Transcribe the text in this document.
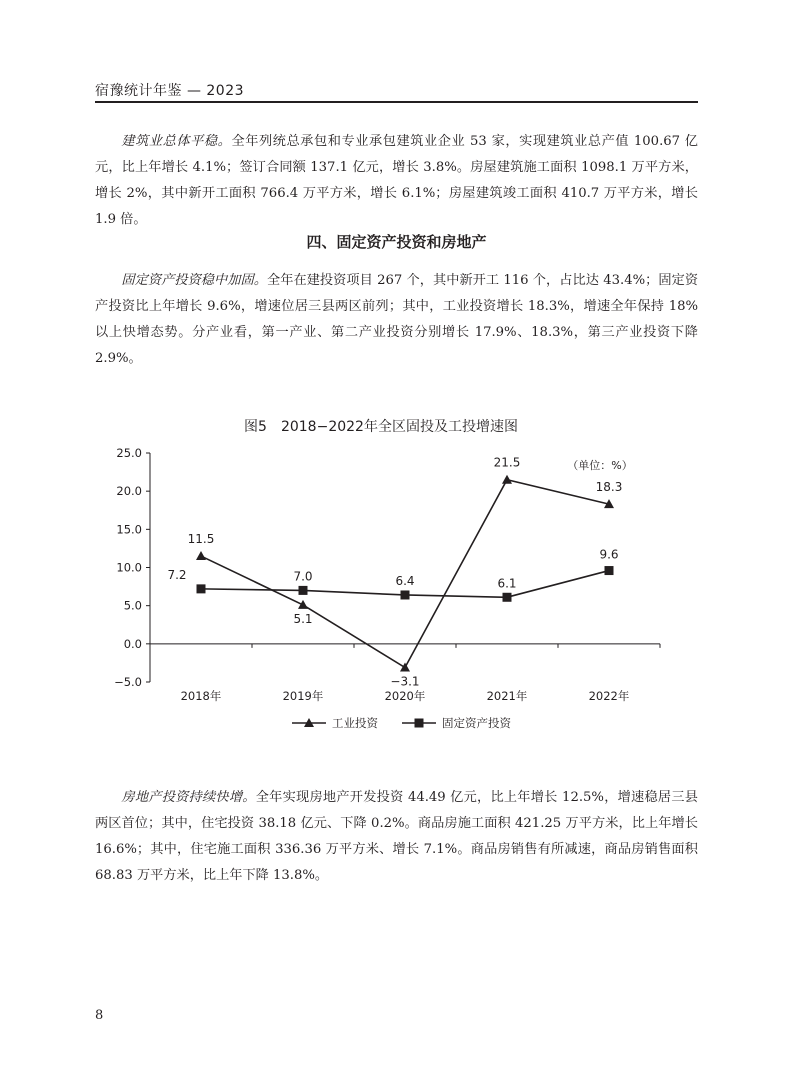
宿豫统计年鉴 — 2023

建筑业总体平稳。全年列统总承包和专业承包建筑业企业 53 家，实现建筑业总产值 100.67 亿元，比上年增长 4.1%；签订合同额 137.1 亿元，增长 3.8%。房屋建筑施工面积 1098.1 万平方米，增长 2%，其中新开工面积 766.4 万平方米，增长 6.1%；房屋建筑竣工面积 410.7 万平方米，增长 1.9 倍。

四、固定资产投资和房地产

固定资产投资稳中加固。全年在建投资项目 267 个，其中新开工 116 个，占比达 43.4%；固定资产投资比上年增长 9.6%，增速位居三县两区前列；其中，工业投资增长 18.3%，增速全年保持 18% 以上快增态势。分产业看，第一产业、第二产业投资分别增长 17.9%、18.3%，第三产业投资下降 2.9%。

图5　2018−2022年全区固投及工投增速图
（单位：%）
25.0
20.0
15.0
10.0
5.0
0.0
−5.0
2018年	2019年	2020年	2021年	2022年
11.5
5.1
−3.1
21.5
18.3
7.2	7.0	6.4	6.1
9.6
工业投资	固定资产投资

房地产投资持续快增。全年实现房地产开发投资 44.49 亿元，比上年增长 12.5%，增速稳居三县两区首位；其中，住宅投资 38.18 亿元、下降 0.2%。商品房施工面积 421.25 万平方米，比上年增长 16.6%；其中，住宅施工面积 336.36 万平方米、增长 7.1%。商品房销售有所减速，商品房销售面积 68.83 万平方米，比上年下降 13.8%。

8
